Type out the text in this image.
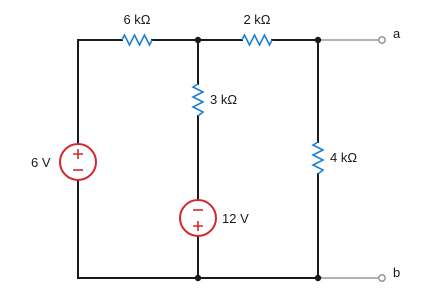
a
b
6 kΩ	2 kΩ
3 kΩ
4 kΩ
6 V
12 V
